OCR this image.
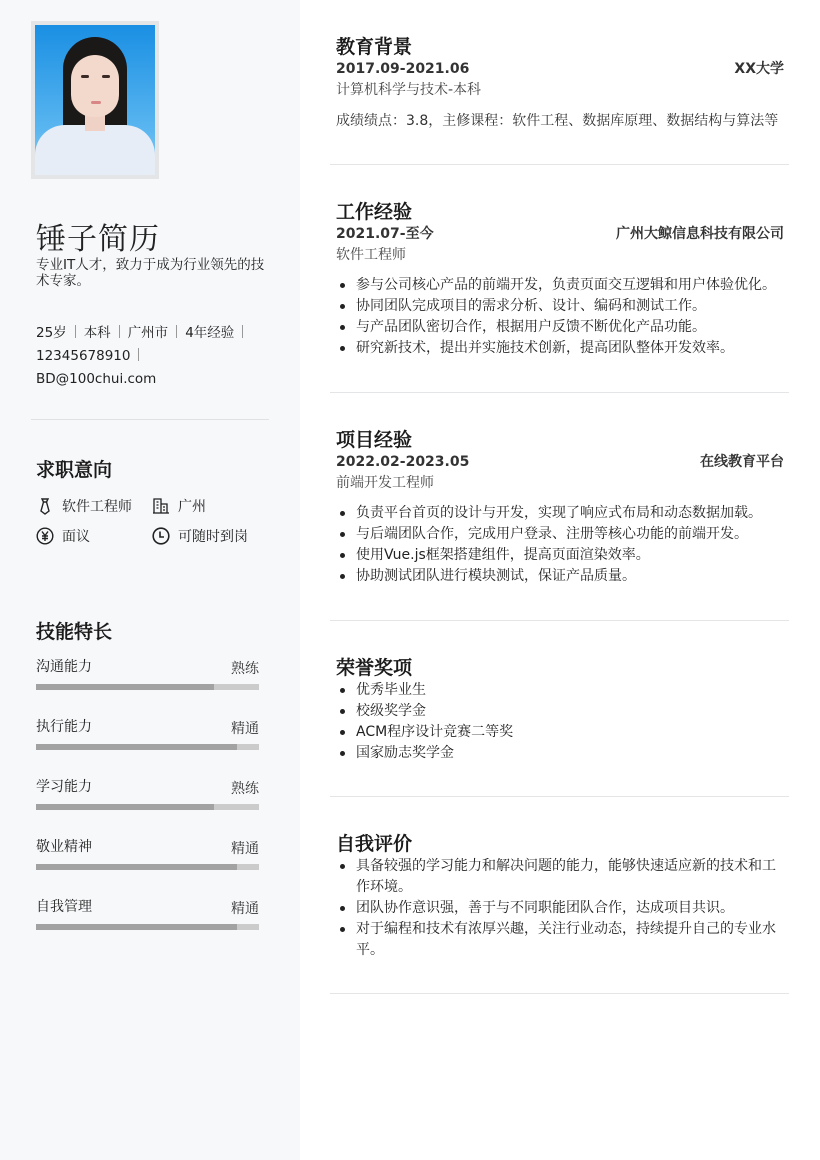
锤子简历
专业IT人才，致力于成为行业领先的技术专家。
25岁 本科 广州市 4年经验
12345678910
BD@100chui.com
求职意向
软件工程师	广州
面议	可随时到岗
技能特长
沟通能力	熟练
执行能力	精通
学习能力	熟练
敬业精神	精通
自我管理	精通
教育背景
2017.09-2021.06	XX大学
计算机科学与技术-本科
成绩绩点：3.8，主修课程：软件工程、数据库原理、数据结构与算法等
工作经验
2021.07-至今	广州大鲸信息科技有限公司
软件工程师
参与公司核心产品的前端开发，负责页面交互逻辑和用户体验优化。
协同团队完成项目的需求分析、设计、编码和测试工作。
与产品团队密切合作，根据用户反馈不断优化产品功能。
研究新技术，提出并实施技术创新，提高团队整体开发效率。
项目经验
2022.02-2023.05	在线教育平台
前端开发工程师
负责平台首页的设计与开发，实现了响应式布局和动态数据加载。
与后端团队合作，完成用户登录、注册等核心功能的前端开发。
使用Vue.js框架搭建组件，提高页面渲染效率。
协助测试团队进行模块测试，保证产品质量。
荣誉奖项
优秀毕业生
校级奖学金
ACM程序设计竞赛二等奖
国家励志奖学金
自我评价
具备较强的学习能力和解决问题的能力，能够快速适应新的技术和工作环境。
团队协作意识强，善于与不同职能团队合作，达成项目共识。
对于编程和技术有浓厚兴趣，关注行业动态，持续提升自己的专业水平。
